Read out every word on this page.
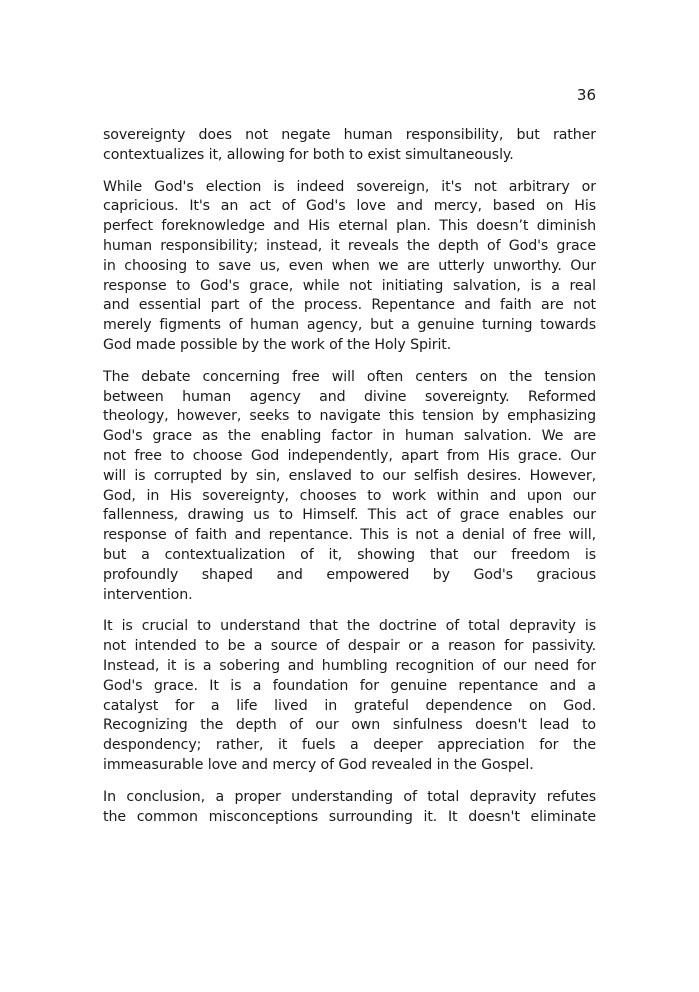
36

sovereignty does not negate human responsibility, but rather
contextualizes it, allowing for both to exist simultaneously.

While God's election is indeed sovereign, it's not arbitrary or
capricious. It's an act of God's love and mercy, based on His
perfect foreknowledge and His eternal plan. This doesn’t diminish
human responsibility; instead, it reveals the depth of God's grace
in choosing to save us, even when we are utterly unworthy. Our
response to God's grace, while not initiating salvation, is a real
and essential part of the process. Repentance and faith are not
merely figments of human agency, but a genuine turning towards
God made possible by the work of the Holy Spirit.

The debate concerning free will often centers on the tension
between human agency and divine sovereignty. Reformed
theology, however, seeks to navigate this tension by emphasizing
God's grace as the enabling factor in human salvation. We are
not free to choose God independently, apart from His grace. Our
will is corrupted by sin, enslaved to our selfish desires. However,
God, in His sovereignty, chooses to work within and upon our
fallenness, drawing us to Himself. This act of grace enables our
response of faith and repentance. This is not a denial of free will,
but a contextualization of it, showing that our freedom is
profoundly shaped and empowered by God's gracious
intervention.

It is crucial to understand that the doctrine of total depravity is
not intended to be a source of despair or a reason for passivity.
Instead, it is a sobering and humbling recognition of our need for
God's grace. It is a foundation for genuine repentance and a
catalyst for a life lived in grateful dependence on God.
Recognizing the depth of our own sinfulness doesn't lead to
despondency; rather, it fuels a deeper appreciation for the
immeasurable love and mercy of God revealed in the Gospel.

In conclusion, a proper understanding of total depravity refutes
the common misconceptions surrounding it. It doesn't eliminate
